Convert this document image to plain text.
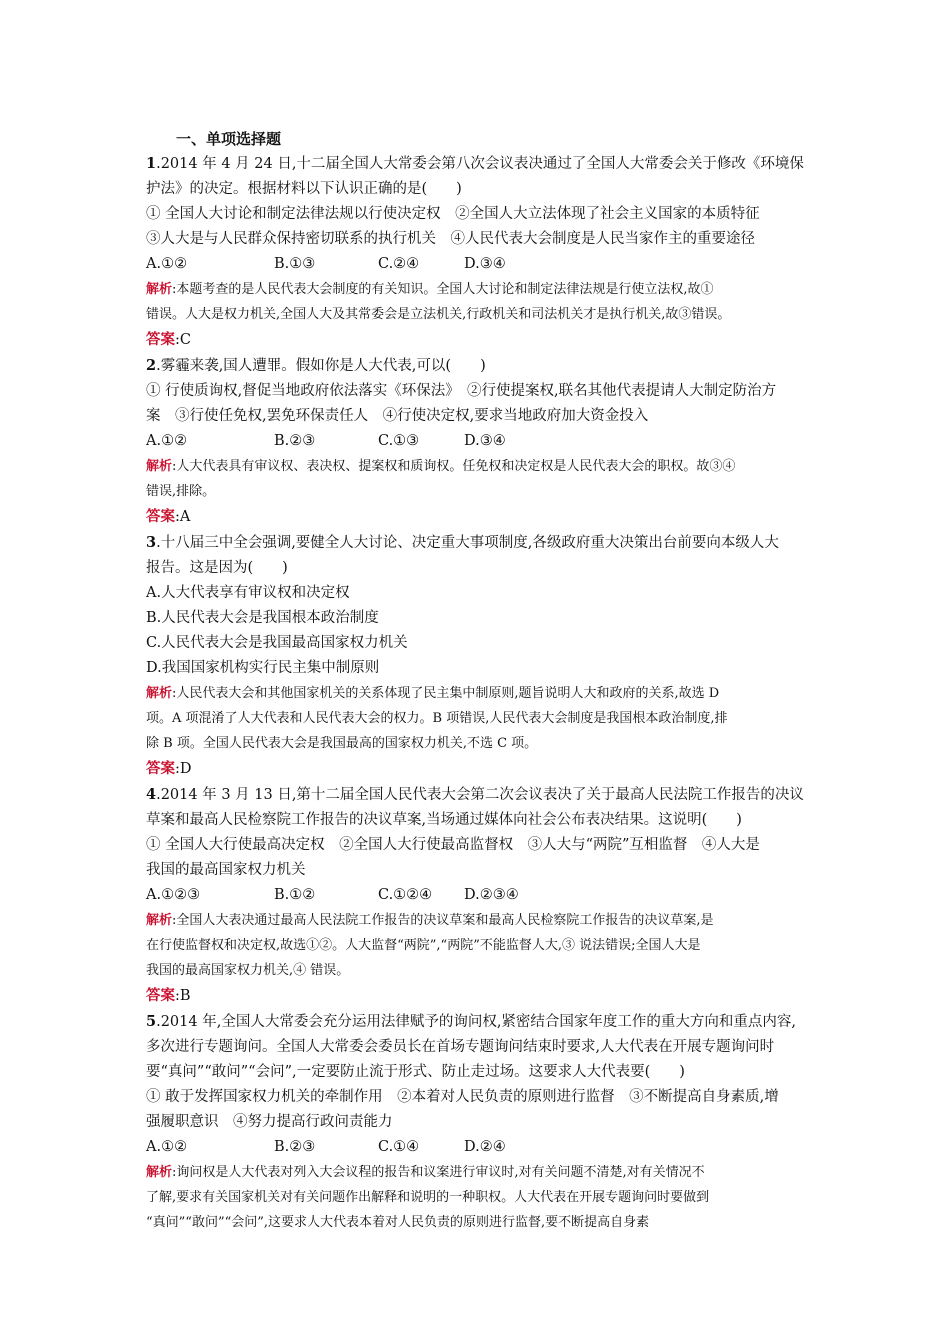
一、单项选择题
1.2014 年 4 月 24 日,十二届全国人大常委会第八次会议表决通过了全国人大常委会关于修改《环境保
护法》的决定。根据材料以下认识正确的是(　　)
① 全国人大讨论和制定法律法规以行使决定权　②全国人大立法体现了社会主义国家的本质特征
③人大是与人民群众保持密切联系的执行机关　④人民代表大会制度是人民当家作主的重要途径
A.①②	B.①③	C.②④	D.③④
解析:本题考查的是人民代表大会制度的有关知识。全国人大讨论和制定法律法规是行使立法权,故①
错误。人大是权力机关,全国人大及其常委会是立法机关,行政机关和司法机关才是执行机关,故③错误。
答案:C
2.雾霾来袭,国人遭罪。假如你是人大代表,可以(　　)
① 行使质询权,督促当地政府依法落实《环保法》　②行使提案权,联名其他代表提请人大制定防治方
案　③行使任免权,罢免环保责任人　④行使决定权,要求当地政府加大资金投入
A.①②	B.②③	C.①③	D.③④
解析:人大代表具有审议权、表决权、提案权和质询权。任免权和决定权是人民代表大会的职权。故③④
错误,排除。
答案:A
3.十八届三中全会强调,要健全人大讨论、决定重大事项制度,各级政府重大决策出台前要向本级人大
报告。这是因为(　　)
A.人大代表享有审议权和决定权
B.人民代表大会是我国根本政治制度
C.人民代表大会是我国最高国家权力机关
D.我国国家机构实行民主集中制原则
解析:人民代表大会和其他国家机关的关系体现了民主集中制原则,题旨说明人大和政府的关系,故选 D
项。A 项混淆了人大代表和人民代表大会的权力。B 项错误,人民代表大会制度是我国根本政治制度,排
除 B 项。全国人民代表大会是我国最高的国家权力机关,不选 C 项。
答案:D
4.2014 年 3 月 13 日,第十二届全国人民代表大会第二次会议表决了关于最高人民法院工作报告的决议
草案和最高人民检察院工作报告的决议草案,当场通过媒体向社会公布表决结果。这说明(　　)
① 全国人大行使最高决定权　②全国人大行使最高监督权　③人大与“两院”互相监督　④人大是
我国的最高国家权力机关
A.①②③	B.①②	C.①②④	D.②③④
解析:全国人大表决通过最高人民法院工作报告的决议草案和最高人民检察院工作报告的决议草案,是
在行使监督权和决定权,故选①②。人大监督“两院”,“两院”不能监督人大,③ 说法错误;全国人大是
我国的最高国家权力机关,④ 错误。
答案:B
5.2014 年,全国人大常委会充分运用法律赋予的询问权,紧密结合国家年度工作的重大方向和重点内容,
多次进行专题询问。全国人大常委会委员长在首场专题询问结束时要求,人大代表在开展专题询问时
要“真问”“敢问”“会问”,一定要防止流于形式、防止走过场。这要求人大代表要(　　)
① 敢于发挥国家权力机关的牵制作用　②本着对人民负责的原则进行监督　③不断提高自身素质,增
强履职意识　④努力提高行政问责能力
A.①②	B.②③	C.①④	D.②④
解析:询问权是人大代表对列入大会议程的报告和议案进行审议时,对有关问题不清楚,对有关情况不
了解,要求有关国家机关对有关问题作出解释和说明的一种职权。人大代表在开展专题询问时要做到
“真问”“敢问”“会问”,这要求人大代表本着对人民负责的原则进行监督,要不断提高自身素
